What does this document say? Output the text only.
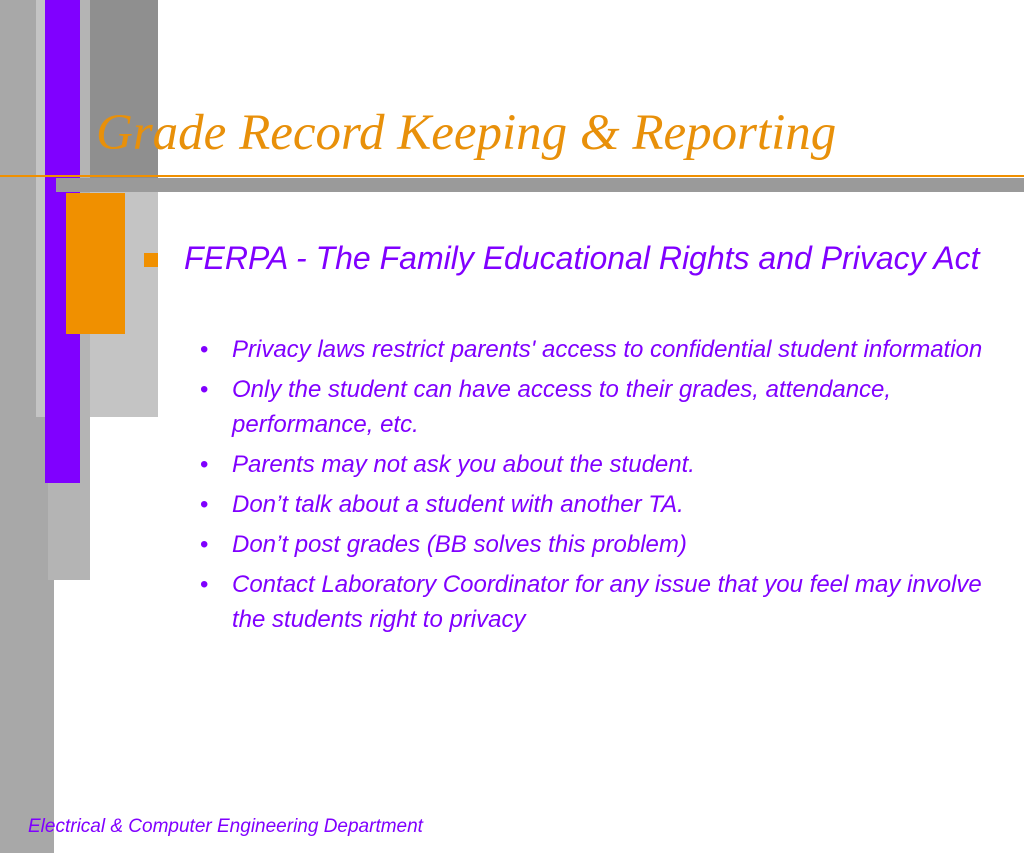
Grade Record Keeping & Reporting
FERPA - The Family Educational Rights and Privacy Act
• Privacy laws restrict parents' access to confidential student information
• Only the student can have access to their grades, attendance, performance, etc.
• Parents may not ask you about the student.
• Don’t talk about a student with another TA.
• Don’t post grades (BB solves this problem)
• Contact Laboratory Coordinator for any issue that you feel may involve the students right to privacy
Electrical & Computer Engineering Department
